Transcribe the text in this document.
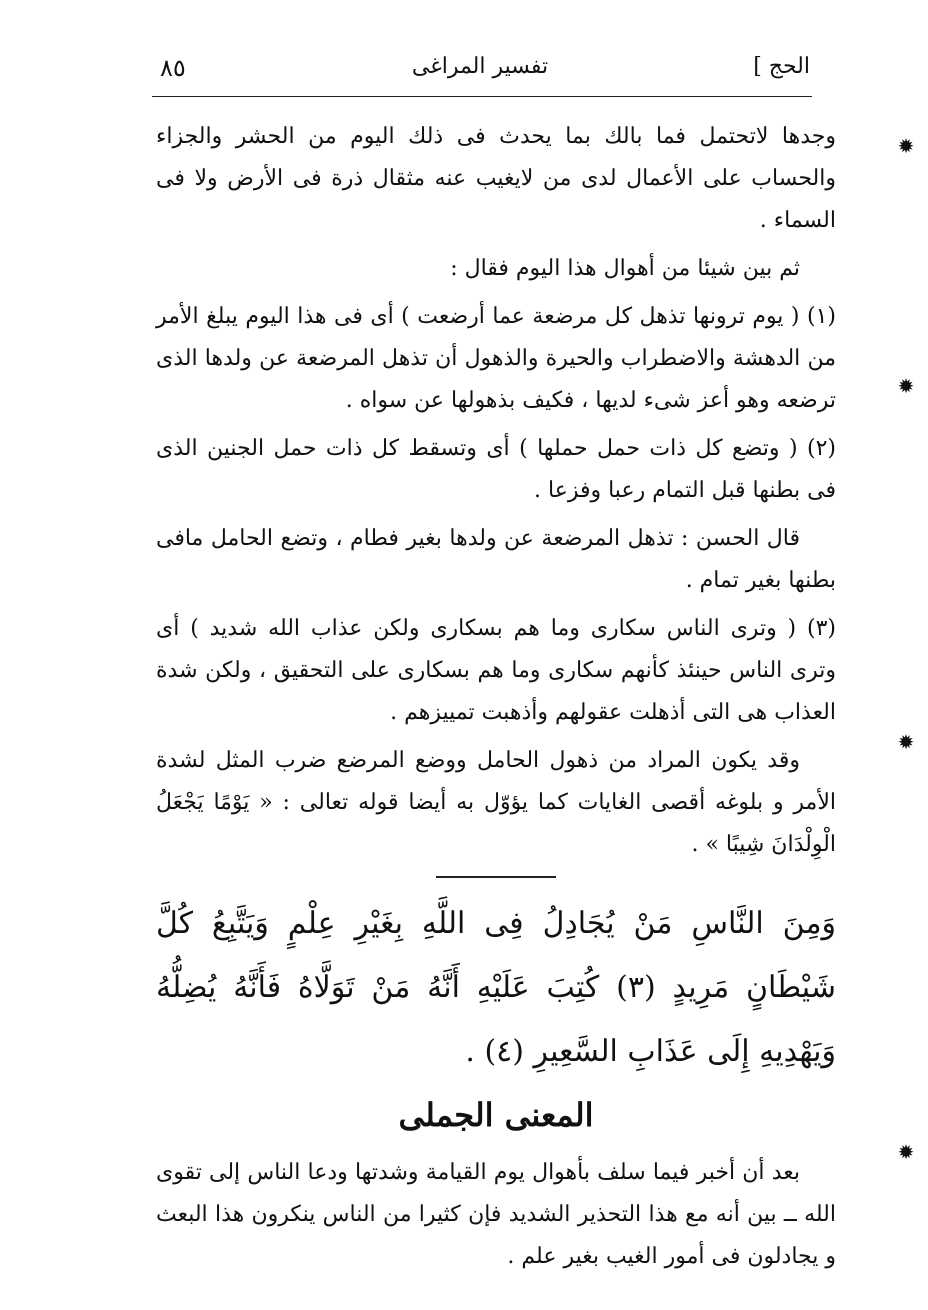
الحج ]
تفسير المراغى
٨٥

وجدها لاتحتمل فما بالك بما يحدث فى ذلك اليوم من الحشر والجزاء والحساب على الأعمال لدى من لايغيب عنه مثقال ذرة فى الأرض ولا فى السماء .

ثم بين شيئا من أهوال هذا اليوم فقال :

(١) ( يوم ترونها تذهل كل مرضعة عما أرضعت ) أى فى هذا اليوم يبلغ الأمر من الدهشة والاضطراب والحيرة والذهول أن تذهل المرضعة عن ولدها الذى ترضعه وهو أعز شىء لديها ، فكيف بذهولها عن سواه .

(٢) ( وتضع كل ذات حمل حملها ) أى وتسقط كل ذات حمل الجنين الذى فى بطنها قبل التمام رعبا وفزعا .

قال الحسن : تذهل المرضعة عن ولدها بغير فطام ، وتضع الحامل مافى بطنها بغير تمام .

(٣) ( وترى الناس سكارى وما هم بسكارى ولكن عذاب الله شديد ) أى وترى الناس حينئذ كأنهم سكارى وما هم بسكارى على التحقيق ، ولكن شدة العذاب هى التى أذهلت عقولهم وأذهبت تمييزهم .

وقد يكون المراد من ذهول الحامل ووضع المرضع ضرب المثل لشدة الأمر و بلوغه أقصى الغايات كما يؤوّل به أيضا قوله تعالى : « يَوْمًا يَجْعَلُ الْوِلْدَانَ شِيبًا » .

وَمِنَ النَّاسِ مَنْ يُجَادِلُ فِى اللَّهِ بِغَيْرِ عِلْمٍ وَيَتَّبِعُ كُلَّ شَيْطَانٍ مَرِيدٍ (٣) كُتِبَ عَلَيْهِ أَنَّهُ مَنْ تَوَلَّاهُ فَأَنَّهُ يُضِلُّهُ وَيَهْدِيهِ إِلَى عَذَابِ السَّعِيرِ (٤) .

المعنى الجملى

بعد أن أخبر فيما سلف بأهوال يوم القيامة وشدتها ودعا الناس إلى تقوى الله ــ بين أنه مع هذا التحذير الشديد فإن كثيرا من الناس ينكرون هذا البعث و يجادلون فى أمور الغيب بغير علم .

✹
✹
✹
✹
